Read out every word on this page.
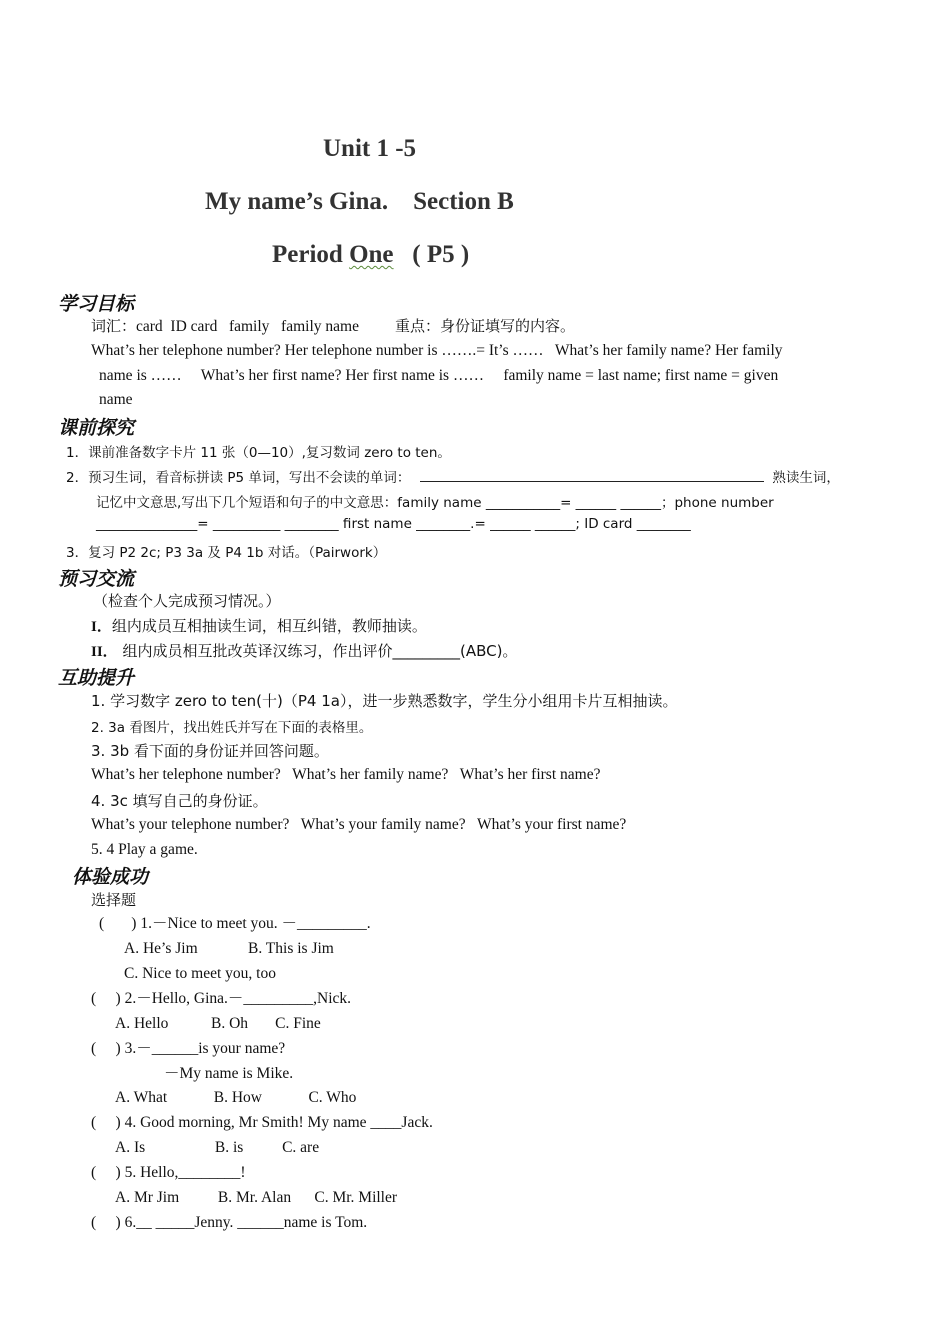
Unit 1 -5
My name’s Gina.    Section B
Period One   ( P5 )
学习目标
词汇：card  ID card   family   family name 重点：身份证填写的内容。
What’s her telephone number? Her telephone number is …….= It’s ……   What’s her family name? Her family
name is ……     What’s her first name? Her first name is ……     family name = last name; first name = given
name
课前探究
1．课前准备数字卡片 11 张（0—10）,复习数词 zero to ten。
2．预习生词，看音标拼读 P5 单词，写出不会读的单词：	熟读生词，
记忆中文意思,写出下几个短语和句子的中文意思：family name ___________= ______ ______；phone number
_______________= __________ ________ first name ________.= ______ ______; ID card ________
3．复习 P2 2c; P3 3a 及 P4 1b 对话。（Pairwork）
预习交流
（检查个人完成预习情况。）
I．组内成员互相抽读生词，相互纠错，教师抽读。
II． 组内成员相互批改英译汉练习，作出评价_________(ABC)。
互助提升
1. 学习数字 zero to ten(十)（P4 1a），进一步熟悉数字，学生分小组用卡片互相抽读。
2. 3a 看图片，找出姓氏并写在下面的表格里。
3. 3b 看下面的身份证并回答问题。
What’s her telephone number?   What’s her family name?   What’s her first name?
4. 3c 填写自己的身份证。
What’s your telephone number?   What’s your family name?   What’s your first name?
5. 4 Play a game.
体验成功
选择题
(       ) 1.－Nice to meet you. －_________.
A. He’s Jim             B. This is Jim
C. Nice to meet you, too
(     ) 2.－Hello, Gina.－_________,Nick.
A. Hello           B. Oh       C. Fine
(     ) 3.－______is your name?
－My name is Mike.
A. What            B. How            C. Who
(     ) 4. Good morning, Mr Smith! My name ____Jack.
A. Is                  B. is          C. are
(     ) 5. Hello,________!
A. Mr Jim          B. Mr. Alan      C. Mr. Miller
(     ) 6.__ _____Jenny. ______name is Tom.
